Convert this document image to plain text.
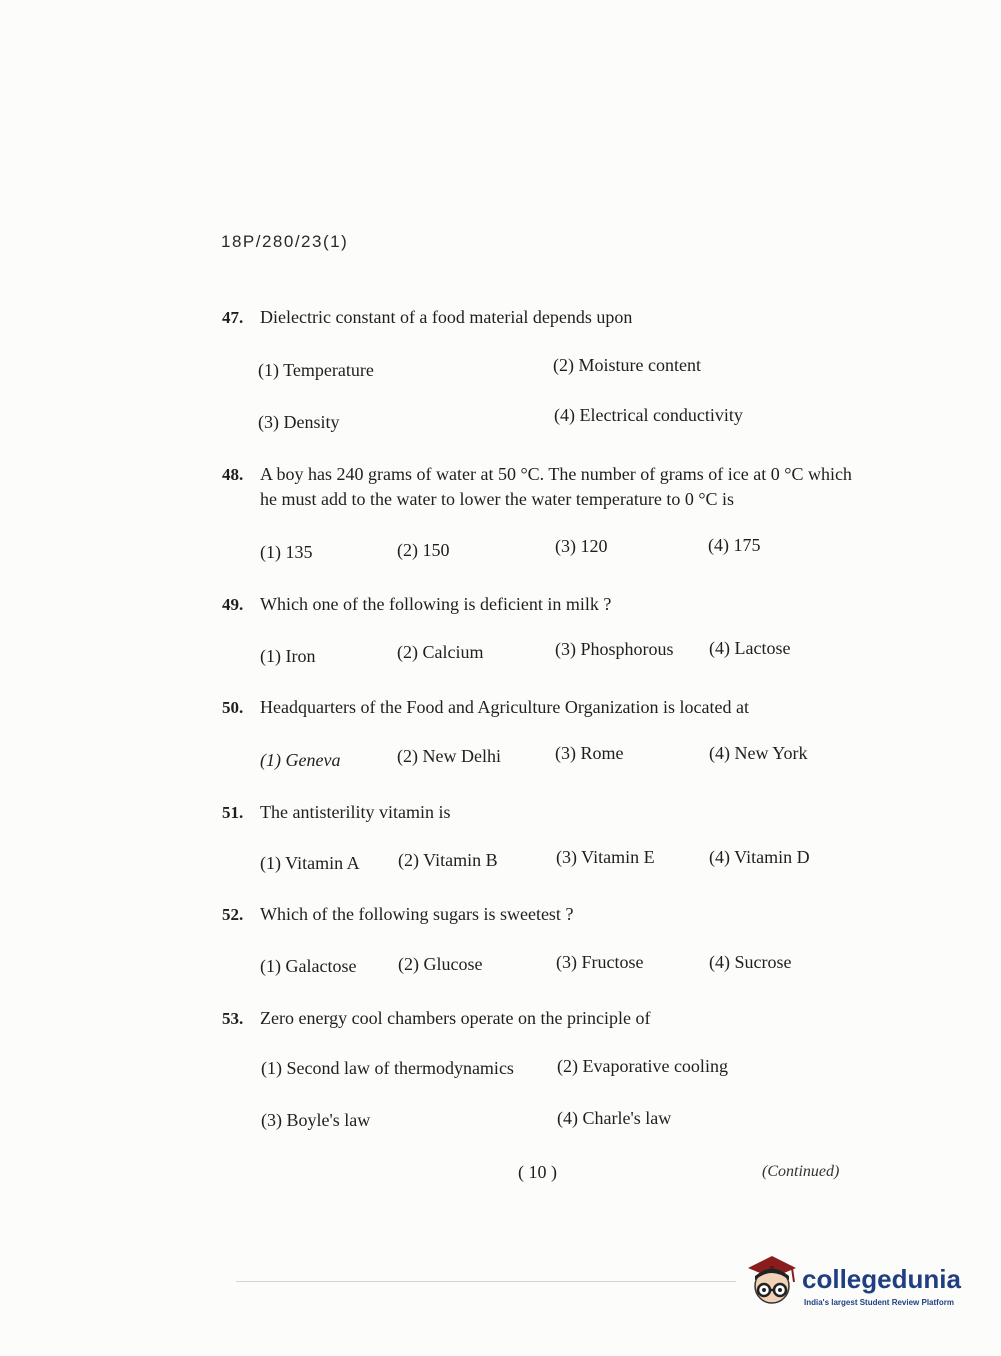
18P/280/23(1)
47. Dielectric constant of a food material depends upon
(1) Temperature	(2) Moisture content
(3) Density	(4) Electrical conductivity
48. A boy has 240 grams of water at 50 °C. The number of grams of ice at 0 °C which he must add to the water to lower the water temperature to 0 °C is
(1) 135	(2) 150	(3) 120	(4) 175
49. Which one of the following is deficient in milk ?
(1) Iron	(2) Calcium	(3) Phosphorous (4) Lactose
50. Headquarters of the Food and Agriculture Organization is located at
(1) Geneva	(2) New Delhi	(3) Rome	(4) New York
51. The antisterility vitamin is
(1) Vitamin A (2) Vitamin B	(3) Vitamin E	(4) Vitamin D
52. Which of the following sugars is sweetest ?
(1) Galactose (2) Glucose	(3) Fructose	(4) Sucrose
53. Zero energy cool chambers operate on the principle of
(1) Second law of thermodynamics (2) Evaporative cooling
(3) Boyle's law	(4) Charle's law
( 10 )	(Continued)
collegedunia
India's largest Student Review Platform
